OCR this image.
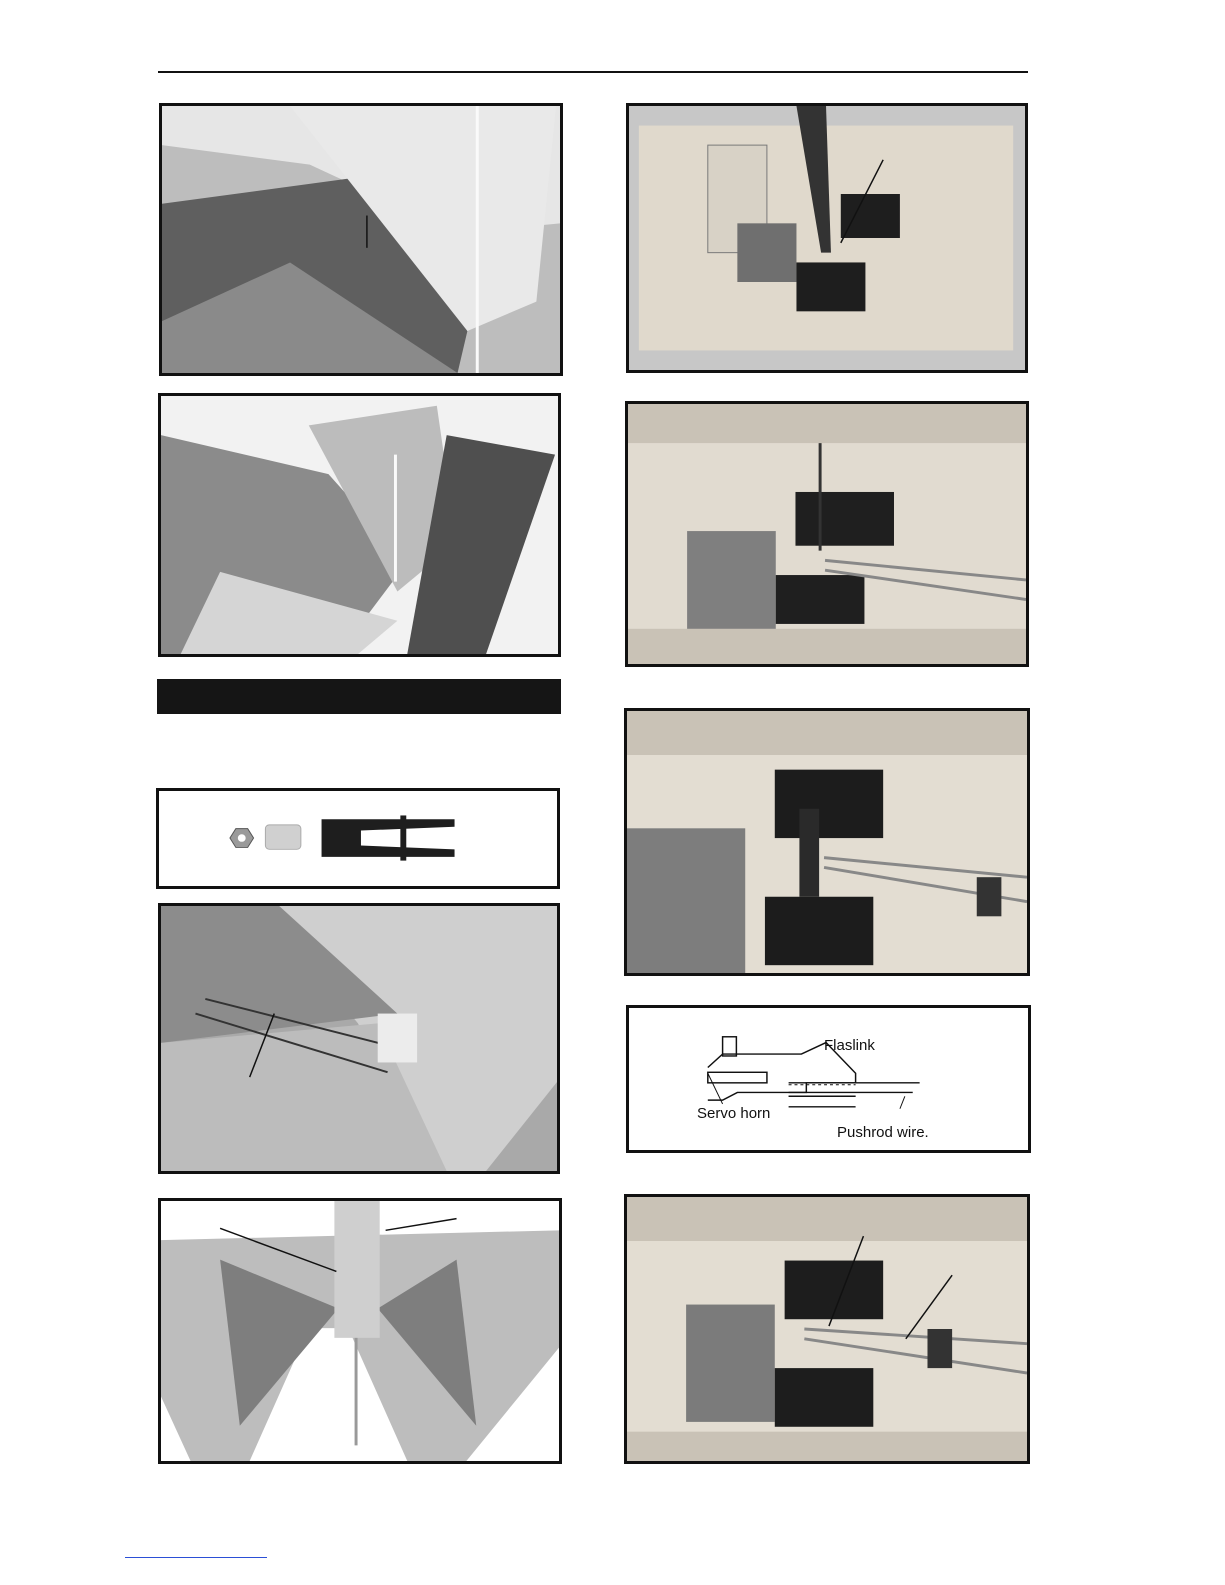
Flaslink
Servo horn
Pushrod wire.
